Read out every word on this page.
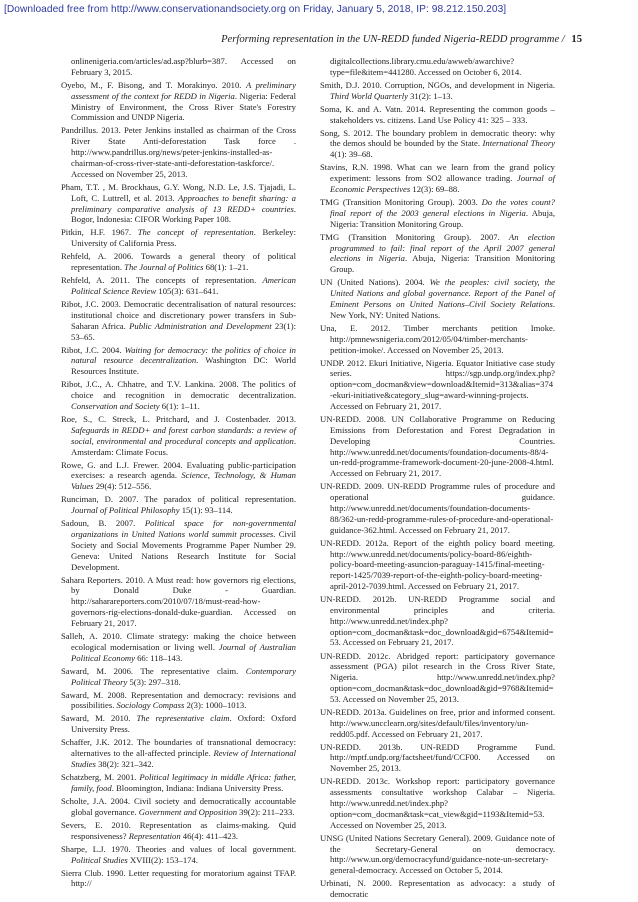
[Downloaded free from http://www.conservationandsociety.org on Friday, January 5, 2018, IP: 98.212.150.203]
Performing representation in the UN-REDD funded Nigeria-REDD programme / 15

onlinenigeria.com/articles/ad.asp?blurb=387. Accessed on February 3, 2015.

Oyebo, M., F. Bisong, and T. Morakinyo. 2010. A preliminary assessment of the context for REDD in Nigeria. Nigeria: Federal Ministry of Environment, the Cross River State's Forestry Commission and UNDP Nigeria.

Pandrillus. 2013. Peter Jenkins installed as chairman of the Cross River State Anti-deforestation Task force . http://www.pandrillus.org/news/peter-jenkins-installed-as-chairman-of-cross-river-state-anti-deforestation-taskforce/. Accessed on November 25, 2013.

Pham, T.T. , M. Brockhaus, G.Y. Wong, N.D. Le, J.S. Tjajadi, L. Loft, C. Luttrell, et al. 2013. Approaches to benefit sharing: a preliminary comparative analysis of 13 REDD+ countries. Bogor, Indonesia: CIFOR Working Paper 108.

Pitkin, H.F. 1967. The concept of representation. Berkeley: University of California Press.

Rehfeld, A. 2006. Towards a general theory of political representation. The Journal of Politics 68(1): 1–21.

Rehfeld, A. 2011. The concepts of representation. American Political Science Review 105(3): 631–641.

Ribot, J.C. 2003. Democratic decentralisation of natural resources: institutional choice and discretionary power transfers in Sub-Saharan Africa. Public Administration and Development 23(1): 53–65.

Ribot, J.C. 2004. Waiting for democracy: the politics of choice in natural resource decentralization. Washington DC: World Resources Institute.

Ribot, J.C., A. Chhatre, and T.V. Lankina. 2008. The politics of choice and recognition in democratic decentralization. Conservation and Society 6(1): 1–11.

Roe, S., C. Streck, L. Pritchard, and J. Costenbader. 2013. Safeguards in REDD+ and forest carbon standards: a review of social, environmental and procedural concepts and application. Amsterdam: Climate Focus.

Rowe, G. and L.J. Frewer. 2004. Evaluating public-participation exercises: a research agenda. Science, Technology, & Human Values 29(4): 512–556.

Runciman, D. 2007. The paradox of political representation. Journal of Political Philosophy 15(1): 93–114.

Sadoun, B. 2007. Political space for non-governmental organizations in United Nations world summit processes. Civil Society and Social Movements Programme Paper Number 29. Geneva: United Nations Research Institute for Social Development.

Sahara Reporters. 2010. A Must read: how governors rig elections, by Donald Duke - Guardian. http://saharareporters.com/2010/07/18/must-read-how-governors-rig-elections-donald-duke-guardian. Accessed on February 21, 2017.

Salleh, A. 2010. Climate strategy: making the choice between ecological modernisation or living well. Journal of Australian Political Economy 66: 118–143.

Saward, M. 2006. The representative claim. Contemporary Political Theory 5(3): 297–318.

Saward, M. 2008. Representation and democracy: revisions and possibilities. Sociology Compass 2(3): 1000–1013.

Saward, M. 2010. The representative claim. Oxford: Oxford University Press.

Schaffer, J.K. 2012. The boundaries of transnational democracy: alternatives to the all-affected principle. Review of International Studies 38(2): 321–342.

Schatzberg, M. 2001. Political legitimacy in middle Africa: father, family, food. Bloomington, Indiana: Indiana University Press.

Scholte, J.A. 2004. Civil society and democratically accountable global governance. Government and Opposition 39(2): 211–233.

Severs, E. 2010. Representation as claims-making. Quid responsiveness? Representation 46(4): 411–423.

Sharpe, L.J. 1970. Theories and values of local government. Political Studies XVIII(2): 153–174.

Sierra Club. 1990. Letter requesting for moratorium against TFAP. http://

digitalcollections.library.cmu.edu/awweb/awarchive?type=file&item=441280. Accessed on October 6, 2014.

Smith, D.J. 2010. Corruption, NGOs, and development in Nigeria. Third World Quarterly 31(2): 1–13.

Soma, K. and A. Vatn. 2014. Representing the common goods – stakeholders vs. citizens. Land Use Policy 41: 325 – 333.

Song, S. 2012. The boundary problem in democratic theory: why the demos should be bounded by the State. International Theory 4(1): 39–68.

Stavins, R.N. 1998. What can we learn from the grand policy experiment: lessons from SO2 allowance trading. Journal of Economic Perspectives 12(3): 69–88.

TMG (Transition Monitoring Group). 2003. Do the votes count? final report of the 2003 general elections in Nigeria. Abuja, Nigeria: Transition Monitoring Group.

TMG (Transition Monitoring Group). 2007. An election programmed to fail: final report of the April 2007 general elections in Nigeria. Abuja, Nigeria: Transition Monitoring Group.

UN (United Nations). 2004. We the peoples: civil society, the United Nations and global governance. Report of the Panel of Eminent Persons on United Nations–Civil Society Relations. New York, NY: United Nations.

Una, E. 2012. Timber merchants petition Imoke. http://pmnewsnigeria.com/2012/05/04/timber-merchants-petition-imoke/. Accessed on November 25, 2013.

UNDP. 2012. Ekuri Initiative, Nigeria. Equator Initiative case study series. https://sgp.undp.org/index.php?option=com_docman&view=download&Itemid=313&alias=374-ekuri-initiative&category_slug=award-winning-projects. Accessed on February 21, 2017.

UN-REDD. 2008. UN Collaborative Programme on Reducing Emissions from Deforestation and Forest Degradation in Developing Countries. http://www.unredd.net/documents/foundation-documents-88/4-un-redd-programme-framework-document-20-june-2008-4.html. Accessed on February 21, 2017.

UN-REDD. 2009. UN-REDD Programme rules of procedure and operational guidance. http://www.unredd.net/documents/foundation-documents-88/362-un-redd-programme-rules-of-procedure-and-operational-guidance-362.html. Accessed on February 21, 2017.

UN-REDD. 2012a. Report of the eighth policy board meeting. http://www.unredd.net/documents/policy-board-86/eighth-policy-board-meeting-asuncion-paraguay-1415/final-meeting-report-1425/7039-report-of-the-eighth-policy-board-meeting-april-2012-7039.html. Accessed on February 21, 2017.

UN-REDD. 2012b. UN-REDD Programme social and environmental principles and criteria. http://www.unredd.net/index.php?option=com_docman&task=doc_download&gid=6754&Itemid=53. Accessed on February 21, 2017.

UN-REDD. 2012c. Abridged report: participatory governance assessment (PGA) pilot research in the Cross River State, Nigeria. http://www.unredd.net/index.php?option=com_docman&task=doc_download&gid=9768&Itemid=53. Accessed on November 25, 2013.

UN-REDD. 2013a. Guidelines on free, prior and informed consent. http://www.uncclearn.org/sites/default/files/inventory/un-redd05.pdf. Accessed on February 21, 2017.

UN-REDD. 2013b. UN-REDD Programme Fund. http://mptf.undp.org/factsheet/fund/CCF00. Accessed on November 25, 2013.

UN-REDD. 2013c. Workshop report: participatory governance assessments consultative workshop Calabar – Nigeria. http://www.unredd.net/index.php?option=com_docman&task=cat_view&gid=1193&Itemid=53. Accessed on November 25, 2013.

UNSG (United Nations Secretary General). 2009. Guidance note of the Secretary-General on democracy. http://www.un.org/democracyfund/guidance-note-un-secretary-general-democracy. Accessed on October 5, 2014.

Urbinati, N. 2000. Representation as advocacy: a study of democratic
